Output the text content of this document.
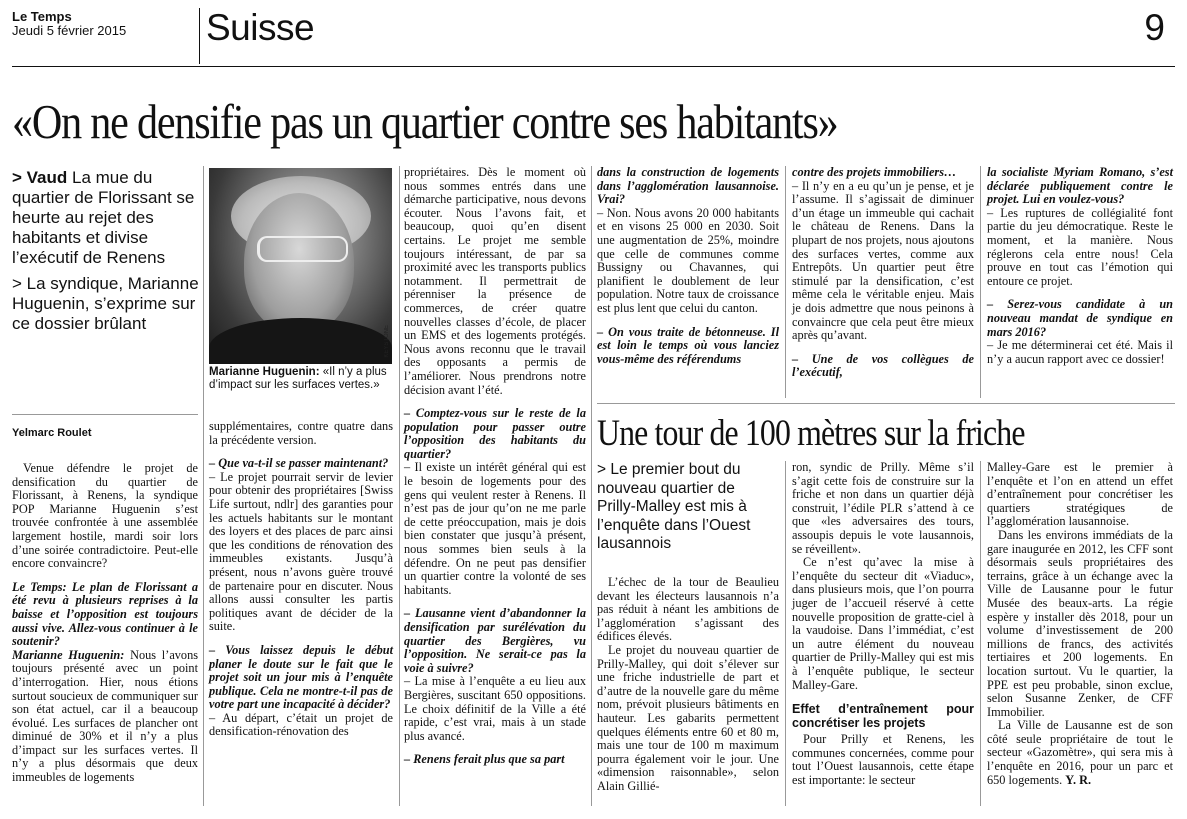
Le Temps
Jeudi 5 février 2015 Suisse	9
«On ne densifie pas un quartier contre ses habitants»

> Vaud La mue du quartier de Florissant se heurte au rejet des habitants et divise l’exécutif de Renens

> La syndique, Marianne Huguenin, s’exprime sur ce dossier brûlant

Yelmarc Roulet

Venue défendre le projet de densification du quartier de Florissant, à Renens, la syndique POP Marianne Huguenin s’est trouvée confrontée à une assemblée largement hostile, mardi soir lors d’une soirée contradictoire. Peut-elle encore convaincre?

Le Temps: Le plan de Florissant a été revu à plusieurs reprises à la baisse et l’opposition est toujours aussi vive. Allez-vous continuer à le soutenir?

Marianne Huguenin: Nous l’avons toujours présenté avec un point d’interrogation. Hier, nous étions surtout soucieux de communiquer sur son état actuel, car il a beaucoup évolué. Les surfaces de plancher ont diminué de 30% et il n’y a plus d’impact sur les surfaces vertes. Il n’y a plus désormais que deux immeubles de logements

KEYSTONE
Marianne Huguenin: «Il n’y a plus d’impact sur les surfaces vertes.»

supplémentaires, contre quatre dans la précédente version.

– Que va-t-il se passer maintenant?

– Le projet pourrait servir de levier pour obtenir des propriétaires [Swiss Life surtout, ndlr] des garanties pour les actuels habitants sur le montant des loyers et des places de parc ainsi que les conditions de rénovation des immeubles existants. Jusqu’à présent, nous n’avons guère trouvé de partenaire pour en discuter. Nous allons aussi consulter les partis politiques avant de décider de la suite.

– Vous laissez depuis le début planer le doute sur le fait que le projet soit un jour mis à l’enquête publique. Cela ne montre-t-il pas de votre part une incapacité à décider?

– Au départ, c’était un projet de densification-rénovation des

propriétaires. Dès le moment où nous sommes entrés dans une démarche participative, nous devons écouter. Nous l’avons fait, et beaucoup, quoi qu’en disent certains. Le projet me semble toujours intéressant, de par sa proximité avec les transports publics notamment. Il permettrait de pérenniser la présence de commerces, de créer quatre nouvelles classes d’école, de placer un EMS et des logements protégés. Nous avons reconnu que le travail des opposants a permis de l’améliorer. Nous prendrons notre décision avant l’été.

– Comptez-vous sur le reste de la population pour passer outre l’opposition des habitants du quartier?

– Il existe un intérêt général qui est le besoin de logements pour des gens qui veulent rester à Renens. Il n’est pas de jour qu’on ne me parle de cette préoccupation, mais je dois bien constater que jusqu’à présent, nous sommes bien seuls à la défendre. On ne peut pas densifier un quartier contre la volonté de ses habitants.

– Lausanne vient d’abandonner la densification par surélévation du quartier des Bergières, vu l’opposition. Ne serait-ce pas la voie à suivre?

– La mise à l’enquête a eu lieu aux Bergières, suscitant 650 oppositions. Le choix définitif de la Ville a été rapide, c’est vrai, mais à un stade plus avancé.

– Renens ferait plus que sa part

dans la construction de logements dans l’agglomération lausannoise. Vrai?

– Non. Nous avons 20 000 habitants et en visons 25 000 en 2030. Soit une augmentation de 25%, moindre que celle de communes comme Bussigny ou Chavannes, qui planifient le doublement de leur population. Notre taux de croissance est plus lent que celui du canton.

– On vous traite de bétonneuse. Il est loin le temps où vous lanciez vous-même des référendums

contre des projets immobiliers…

– Il n’y en a eu qu’un je pense, et je l’assume. Il s’agissait de diminuer d’un étage un immeuble qui cachait le château de Renens. Dans la plupart de nos projets, nous ajoutons des surfaces vertes, comme aux Entrepôts. Un quartier peut être stimulé par la densification, c’est même cela le véritable enjeu. Mais je dois admettre que nous peinons à convaincre que cela peut être mieux après qu’avant.

– Une de vos collègues de l’exécutif,

la socialiste Myriam Romano, s’est déclarée publiquement contre le projet. Lui en voulez-vous?

– Les ruptures de collégialité font partie du jeu démocratique. Reste le moment, et la manière. Nous réglerons cela entre nous! Cela prouve en tout cas l’émotion qui entoure ce projet.

– Serez-vous candidate à un nouveau mandat de syndique en mars 2016?

– Je me déterminerai cet été. Mais il n’y a aucun rapport avec ce dossier!

Une tour de 100 mètres sur la friche
> Le premier bout du nouveau quartier de Prilly-Malley est mis à l’enquête dans l’Ouest lausannois

L’échec de la tour de Beaulieu devant les électeurs lausannois n’a pas réduit à néant les ambitions de l’agglomération s’agissant des édifices élevés.

Le projet du nouveau quartier de Prilly-Malley, qui doit s’élever sur une friche industrielle de part et d’autre de la nouvelle gare du même nom, prévoit plusieurs bâtiments en hauteur. Les gabarits permettent quelques éléments entre 60 et 80 m, mais une tour de 100 m maximum pourra également voir le jour. Une «dimension raisonnable», selon Alain Gillié-

ron, syndic de Prilly. Même s’il s’agit cette fois de construire sur la friche et non dans un quartier déjà construit, l’édile PLR s’attend à ce que «les adversaires des tours, assoupis depuis le vote lausannois, se réveillent».

Ce n’est qu’avec la mise à l’enquête du secteur dit «Viaduc», dans plusieurs mois, que l’on pourra juger de l’accueil réservé à cette nouvelle proposition de gratte-ciel à la vaudoise. Dans l’immédiat, c’est un autre élément du nouveau quartier de Prilly-Malley qui est mis à l’enquête publique, le secteur Malley-Gare.

Effet d’entraînement pour concrétiser les projets

Pour Prilly et Renens, les communes concernées, comme pour tout l’Ouest lausannois, cette étape est importante: le secteur

Malley-Gare est le premier à l’enquête et l’on en attend un effet d’entraînement pour concrétiser les quartiers stratégiques de l’agglomération lausannoise.

Dans les environs immédiats de la gare inaugurée en 2012, les CFF sont désormais seuls propriétaires des terrains, grâce à un échange avec la Ville de Lausanne pour le futur Musée des beaux-arts. La régie espère y installer dès 2018, pour un volume d’investissement de 200 millions de francs, des activités tertiaires et 200 logements. En location surtout. Vu le quartier, la PPE est peu probable, sinon exclue, selon Susanne Zenker, de CFF Immobilier.

La Ville de Lausanne est de son côté seule propriétaire de tout le secteur «Gazomètre», qui sera mis à l’enquête en 2016, pour un parc et 650 logements. Y. R.
